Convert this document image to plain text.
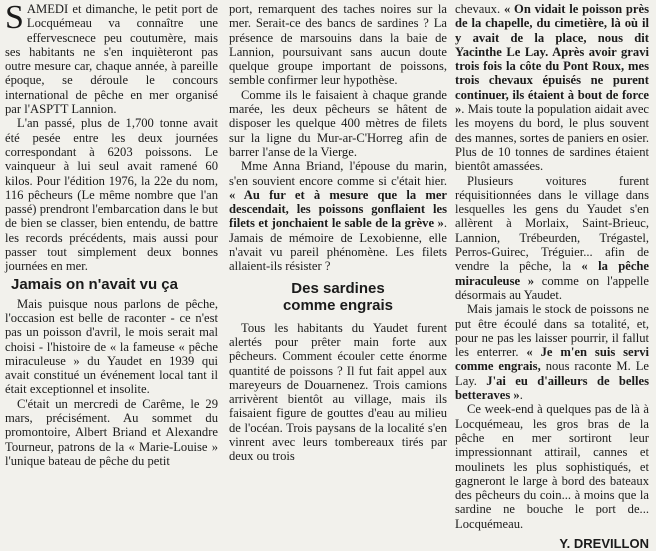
SAMEDI et dimanche, le petit port de Locquémeau va connaître une effervescnece peu coutumère, mais ses habitants ne s'en inquièteront pas outre mesure car, chaque année, à pareille époque, se déroule le concours international de pêche en mer organisé par l'ASPTT Lannion.

L'an passé, plus de 1,700 tonne avait été pesée entre les deux journées correspondant à 6203 poissons. Le vainqueur à lui seul avait ramené 60 kilos. Pour l'édition 1976, la 22e du nom, 116 pêcheurs (Le même nombre que l'an passé) prendront l'embarcation dans le but de bien se classer, bien entendu, de battre les records précédents, mais aussi pour passer tout simplement deux bonnes journées en mer.

Jamais on n'avait vu ça

Mais puisque nous parlons de pêche, l'occasion est belle de raconter - ce n'est pas un poisson d'avril, le mois serait mal choisi - l'histoire de « la fameuse « pêche miraculeuse » du Yaudet en 1939 qui avait constitué un événement local tant il était exceptionnel et insolite.

C'était un mercredi de Carême, le 29 mars, précisément. Au sommet du promontoire, Albert Briand et Alexandre Tourneur, patrons de la « Marie-Louise » l'unique bateau de pêche du petit

port, remarquent des taches noires sur la mer. Serait-ce des bancs de sardines ? La présence de marsouins dans la baie de Lannion, poursuivant sans aucun doute quelque groupe important de poissons, semble confirmer leur hypothèse.

Comme ils le faisaient à chaque grande marée, les deux pêcheurs se hâtent de disposer les quelque 400 mètres de filets sur la ligne du Mur-ar-C'Horreg afin de barrer l'anse de la Vierge.

Mme Anna Briand, l'épouse du marin, s'en souvient encore comme si c'était hier. « Au fur et à mesure que la mer descendait, les poissons gonflaient les filets et jonchaient le sable de la grève ». Jamais de mémoire de Lexobienne, elle n'avait vu pareil phénomène. Les filets allaient-ils résister ?

Des sardines
comme engrais

Tous les habitants du Yaudet furent alertés pour prêter main forte aux pêcheurs. Comment écouler cette énorme quantité de poissons ? Il fut fait appel aux mareyeurs de Douarnenez. Trois camions arrivèrent bientôt au village, mais ils faisaient figure de gouttes d'eau au milieu de l'océan. Trois paysans de la localité s'en vinrent avec leurs tombereaux tirés par deux ou trois

chevaux. « On vidait le poisson près de la chapelle, du cimetière, là où il y avait de la place, nous dit Yacinthe Le Lay. Après avoir gravi trois fois la côte du Pont Roux, mes trois chevaux épuisés ne purent continuer, ils étaient à bout de force ». Mais toute la population aidait avec les moyens du bord, le plus souvent des mannes, sortes de paniers en osier. Plus de 10 tonnes de sardines étaient bientôt amassées.

Plusieurs voitures furent réquisitionnées dans le village dans lesquelles les gens du Yaudet s'en allèrent à Morlaix, Saint-Brieuc, Lannion, Trébeurden, Trégastel, Perros-Guirec, Tréguier... afin de vendre la pêche, la « la pêche miraculeuse » comme on l'appelle désormais au Yaudet.

Mais jamais le stock de poissons ne put être écoulé dans sa totalité, et, pour ne pas les laisser pourrir, il fallut les enterrer. « Je m'en suis servi comme engrais, nous raconte M. Le Lay. J'ai eu d'ailleurs de belles betteraves ».

Ce week-end à quelques pas de là à Locquémeau, les gros bras de la pêche en mer sortiront leur impressionnant attirail, cannes et moulinets les plus sophistiqués, et gagneront le large à bord des bateaux des pêcheurs du coin... à moins que la sardine ne bouche le port de... Locquémeau.

Y. DREVILLON
